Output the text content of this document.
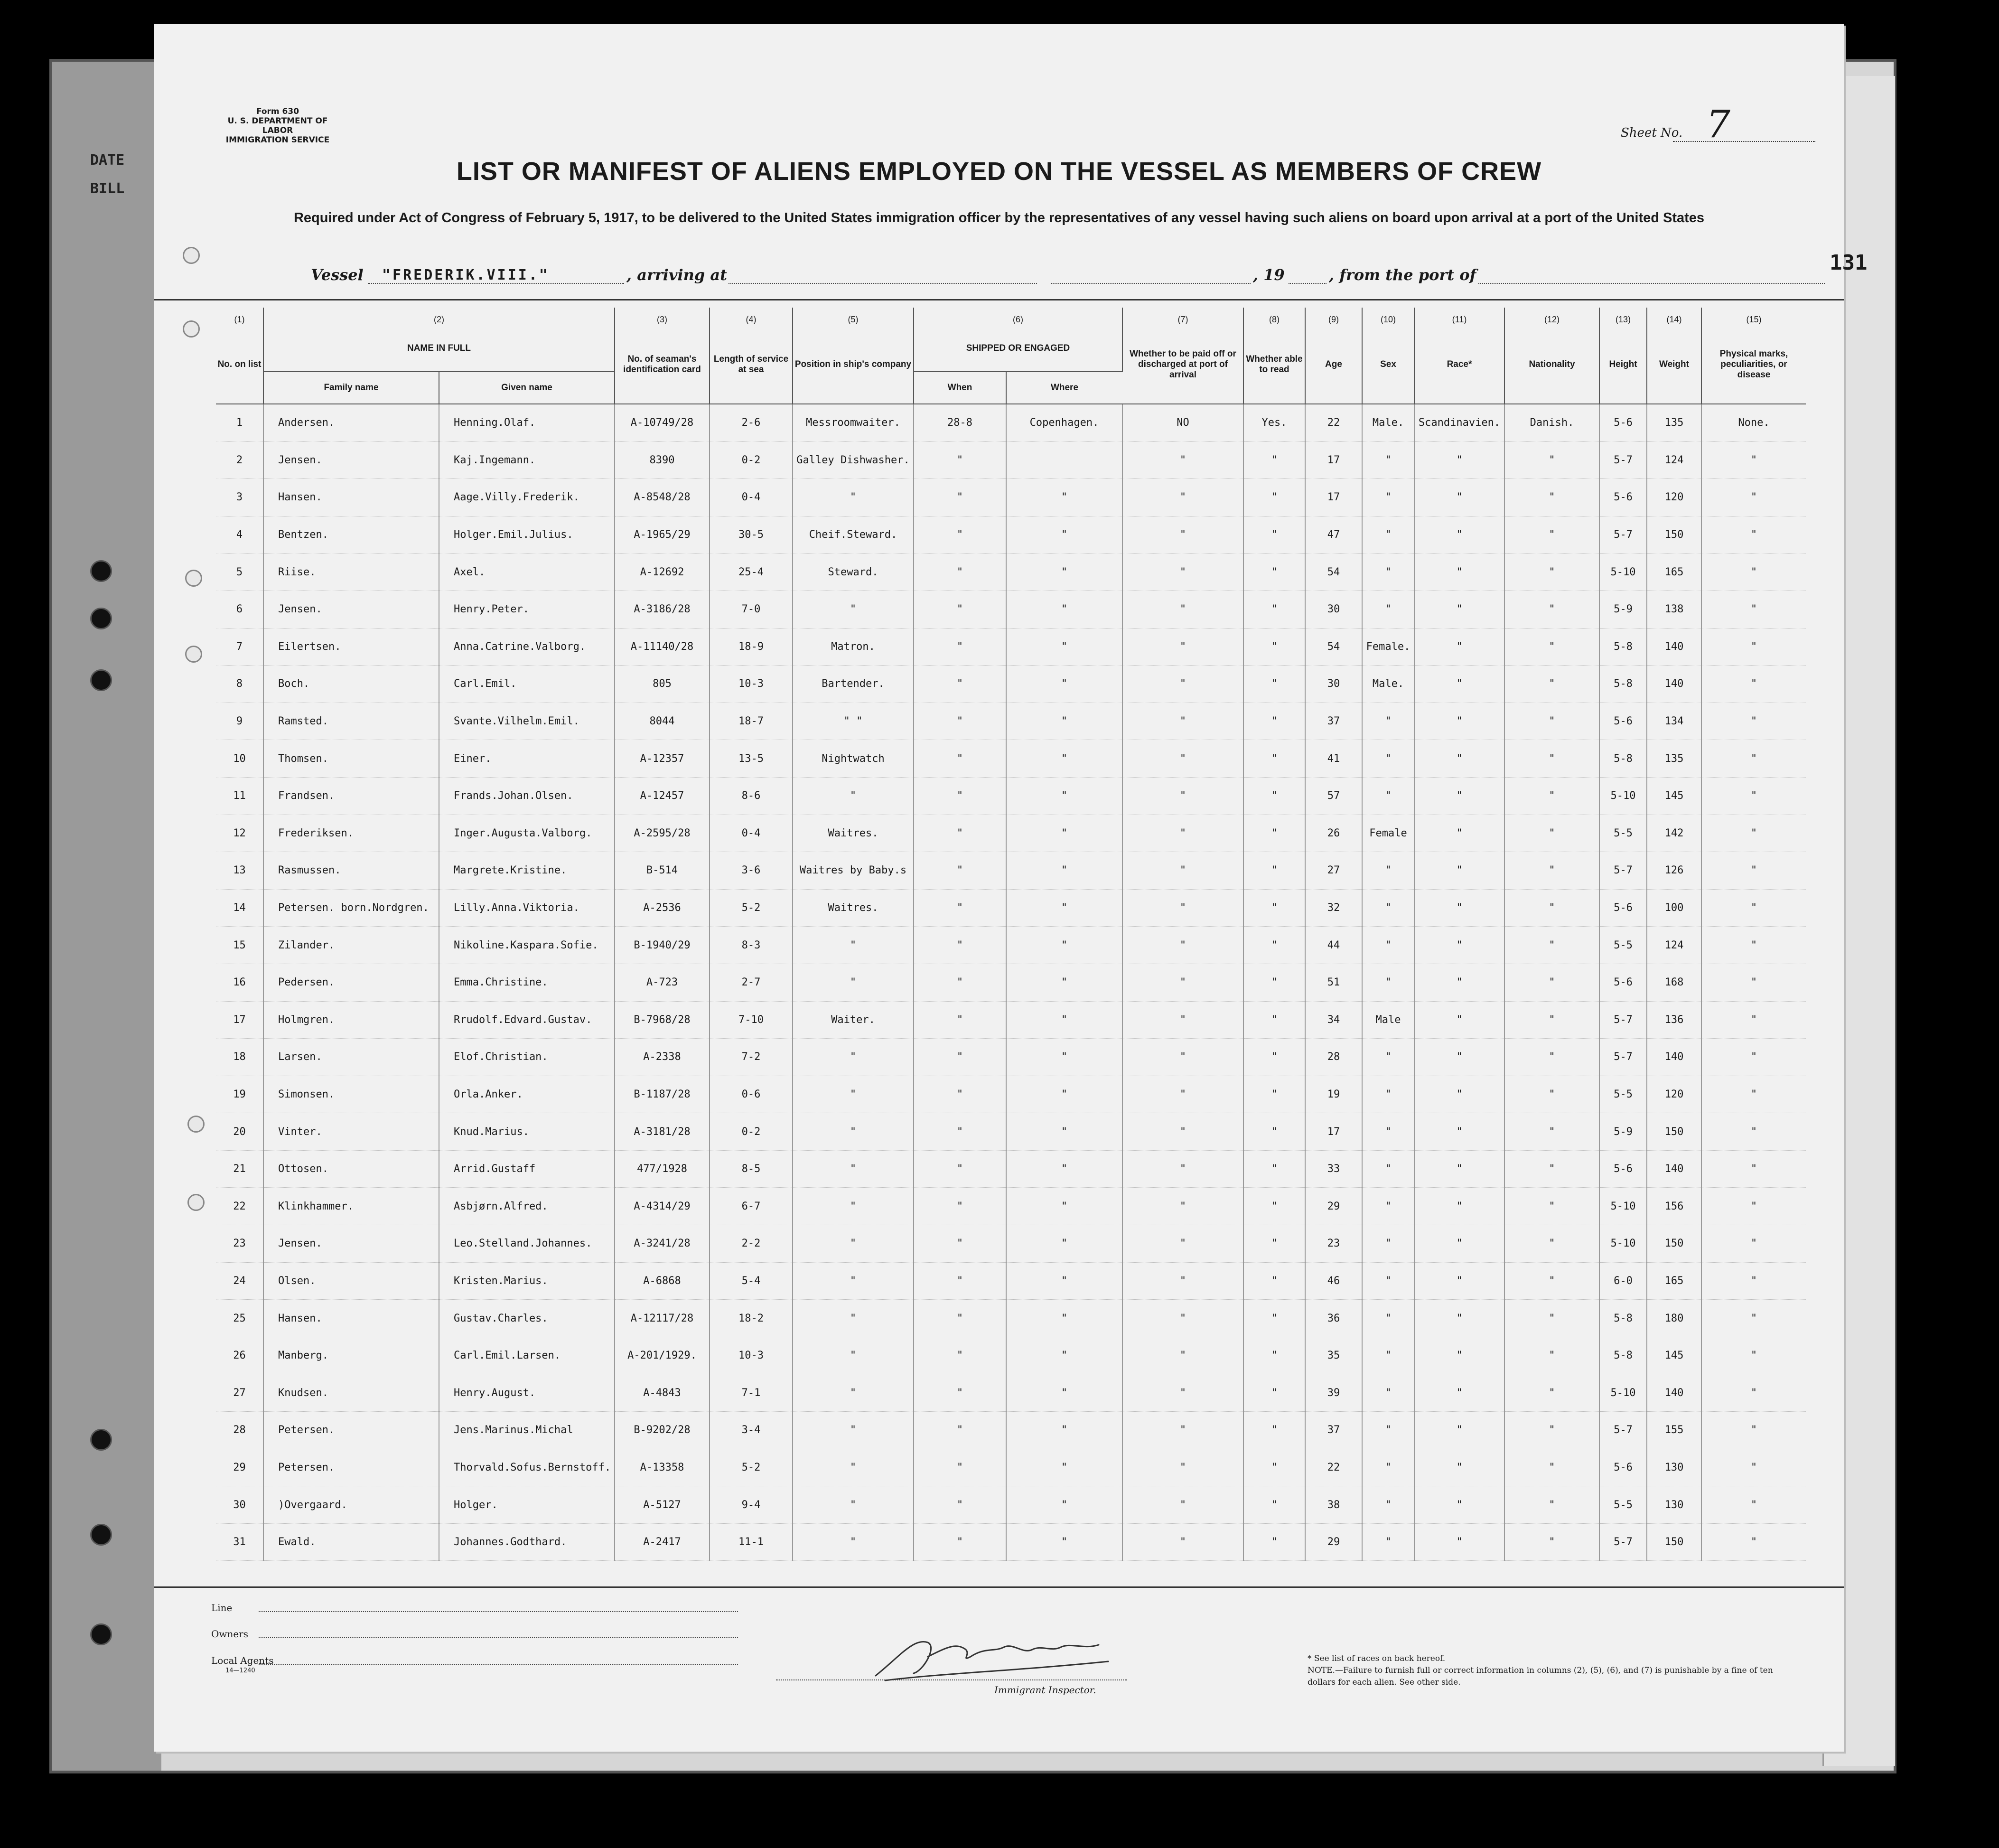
DATE
BILL
Form 630
U. S. DEPARTMENT OF LABOR
IMMIGRATION SERVICE	Sheet No. 7
LIST OR MANIFEST OF ALIENS EMPLOYED ON THE VESSEL AS MEMBERS OF CREW
Required under Act of Congress of February 5, 1917, to be delivered to the United States immigration officer by the representatives of any vessel having such aliens on board upon arrival at a port of the United States
Vessel "FREDERIK.VIII."	, arriving at	, 19	, from the port of	131
(1)	(2)		(3)	(4)	(5)	(6)		(7)	(8)	(9)	(10)	(11)	(12)	(13)	(14)	(15)
No. on list	NAME IN FULL		No. of seaman's identification card	Length of service at sea	Position in ship's company	SHIPPED OR ENGAGED		Whether to be paid off or discharged at port of arrival	Whether able to read	Age	Sex	Race*	Nationality	Height	Weight	Physical marks, peculiarities, or disease
	Family name	Given name				When	Where									
1	Andersen.	Henning.Olaf.	A-10749/28	2-6	Messroomwaiter.	28-8	Copenhagen.	NO	Yes.	22	Male.	Scandinavien.	Danish.	5-6	135	None.
2	Jensen.	Kaj.Ingemann.	8390	0-2	Galley Dishwasher.	"		"	"	17	"	"	"	5-7	124	"
3	Hansen.	Aage.Villy.Frederik.	A-8548/28	0-4	"	"	"	"	"	17	"	"	"	5-6	120	"
4	Bentzen.	Holger.Emil.Julius.	A-1965/29	30-5	Cheif.Steward.	"	"	"	"	47	"	"	"	5-7	150	"
5	Riise.	Axel.	A-12692	25-4	Steward.	"	"	"	"	54	"	"	"	5-10	165	"
6	Jensen.	Henry.Peter.	A-3186/28	7-0	"	"	"	"	"	30	"	"	"	5-9	138	"
7	Eilertsen.	Anna.Catrine.Valborg.	A-11140/28	18-9	Matron.	"	"	"	"	54	Female.	"	"	5-8	140	"
8	Boch.	Carl.Emil.	805	10-3	Bartender.	"	"	"	"	30	Male.	"	"	5-8	140	"
9	Ramsted.	Svante.Vilhelm.Emil.	8044	18-7	" "	"	"	"	"	37	"	"	"	5-6	134	"
10	Thomsen.	Einer.	A-12357	13-5	Nightwatch	"	"	"	"	41	"	"	"	5-8	135	"
11	Frandsen.	Frands.Johan.Olsen.	A-12457	8-6	"	"	"	"	"	57	"	"	"	5-10	145	"
12	Frederiksen.	Inger.Augusta.Valborg.	A-2595/28	0-4	Waitres.	"	"	"	"	26	Female	"	"	5-5	142	"
13	Rasmussen.	Margrete.Kristine.	B-514	3-6	Waitres by Baby.s	"	"	"	"	27	"	"	"	5-7	126	"
14	Petersen. born.Nordgren.	Lilly.Anna.Viktoria.	A-2536	5-2	Waitres.	"	"	"	"	32	"	"	"	5-6	100	"
15	Zilander.	Nikoline.Kaspara.Sofie.	B-1940/29	8-3	"	"	"	"	"	44	"	"	"	5-5	124	"
16	Pedersen.	Emma.Christine.	A-723	2-7	"	"	"	"	"	51	"	"	"	5-6	168	"
17	Holmgren.	Rrudolf.Edvard.Gustav.	B-7968/28	7-10	Waiter.	"	"	"	"	34	Male	"	"	5-7	136	"
18	Larsen.	Elof.Christian.	A-2338	7-2	"	"	"	"	"	28	"	"	"	5-7	140	"
19	Simonsen.	Orla.Anker.	B-1187/28	0-6	"	"	"	"	"	19	"	"	"	5-5	120	"
20	Vinter.	Knud.Marius.	A-3181/28	0-2	"	"	"	"	"	17	"	"	"	5-9	150	"
21	Ottosen.	Arrid.Gustaff	477/1928	8-5	"	"	"	"	"	33	"	"	"	5-6	140	"
22	Klinkhammer.	Asbjørn.Alfred.	A-4314/29	6-7	"	"	"	"	"	29	"	"	"	5-10	156	"
23	Jensen.	Leo.Stelland.Johannes.	A-3241/28	2-2	"	"	"	"	"	23	"	"	"	5-10	150	"
24	Olsen.	Kristen.Marius.	A-6868	5-4	"	"	"	"	"	46	"	"	"	6-0	165	"
25	Hansen.	Gustav.Charles.	A-12117/28	18-2	"	"	"	"	"	36	"	"	"	5-8	180	"
26	Manberg.	Carl.Emil.Larsen.	A-201/1929.	10-3	"	"	"	"	"	35	"	"	"	5-8	145	"
27	Knudsen.	Henry.August.	A-4843	7-1	"	"	"	"	"	39	"	"	"	5-10	140	"
28	Petersen.	Jens.Marinus.Michal	B-9202/28	3-4	"	"	"	"	"	37	"	"	"	5-7	155	"
29	Petersen.	Thorvald.Sofus.Bernstoff.	A-13358	5-2	"	"	"	"	"	22	"	"	"	5-6	130	"
30	)Overgaard.	Holger.	A-5127	9-4	"	"	"	"	"	38	"	"	"	5-5	130	"
31	Ewald.	Johannes.Godthard.	A-2417	11-1	"	"	"	"	"	29	"	"	"	5-7	150	"
Line
Owners
Local Agents
14—1240
Immigrant Inspector.
* See list of races on back hereof.
NOTE.—Failure to furnish full or correct information in columns (2), (5), (6), and (7) is punishable by a fine of ten dollars for each alien. See other side.
